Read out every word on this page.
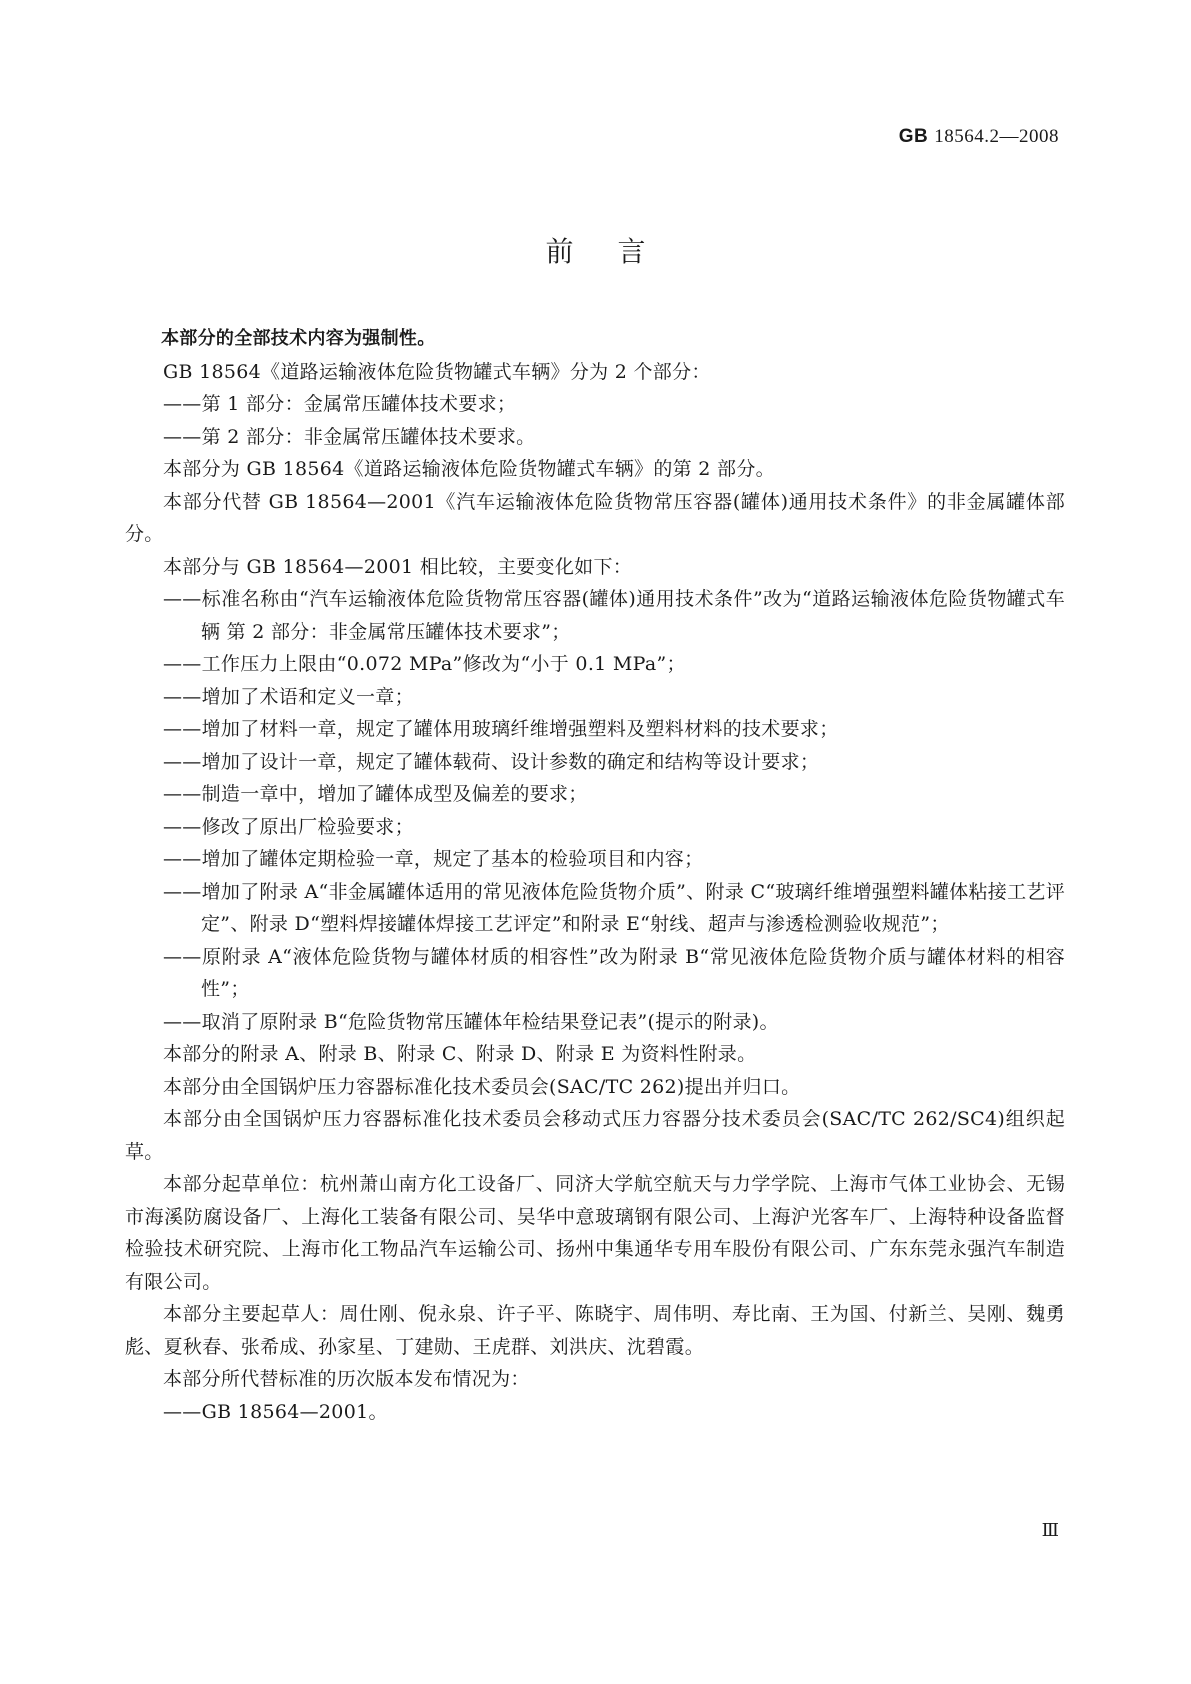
GB 18564.2—2008
前言

本部分的全部技术内容为强制性。

GB 18564《道路运输液体危险货物罐式车辆》分为 2 个部分：

——第 1 部分：金属常压罐体技术要求；

——第 2 部分：非金属常压罐体技术要求。

本部分为 GB 18564《道路运输液体危险货物罐式车辆》的第 2 部分。

本部分代替 GB 18564—2001《汽车运输液体危险货物常压容器(罐体)通用技术条件》的非金属罐体部分。

本部分与 GB 18564—2001 相比较，主要变化如下：

——标准名称由“汽车运输液体危险货物常压容器(罐体)通用技术条件”改为“道路运输液体危险货物罐式车辆 第 2 部分：非金属常压罐体技术要求”；

——工作压力上限由“0.072 MPa”修改为“小于 0.1 MPa”；

——增加了术语和定义一章；

——增加了材料一章，规定了罐体用玻璃纤维增强塑料及塑料材料的技术要求；

——增加了设计一章，规定了罐体载荷、设计参数的确定和结构等设计要求；

——制造一章中，增加了罐体成型及偏差的要求；

——修改了原出厂检验要求；

——增加了罐体定期检验一章，规定了基本的检验项目和内容；

——增加了附录 A“非金属罐体适用的常见液体危险货物介质”、附录 C“玻璃纤维增强塑料罐体粘接工艺评定”、附录 D“塑料焊接罐体焊接工艺评定”和附录 E“射线、超声与渗透检测验收规范”；

——原附录 A“液体危险货物与罐体材质的相容性”改为附录 B“常见液体危险货物介质与罐体材料的相容性”；

——取消了原附录 B“危险货物常压罐体年检结果登记表”(提示的附录)。

本部分的附录 A、附录 B、附录 C、附录 D、附录 E 为资料性附录。

本部分由全国锅炉压力容器标准化技术委员会(SAC/TC 262)提出并归口。

本部分由全国锅炉压力容器标准化技术委员会移动式压力容器分技术委员会(SAC/TC 262/SC4)组织起草。

本部分起草单位：杭州萧山南方化工设备厂、同济大学航空航天与力学学院、上海市气体工业协会、无锡市海溪防腐设备厂、上海化工装备有限公司、吴华中意玻璃钢有限公司、上海沪光客车厂、上海特种设备监督检验技术研究院、上海市化工物品汽车运输公司、扬州中集通华专用车股份有限公司、广东东莞永强汽车制造有限公司。

本部分主要起草人：周仕刚、倪永泉、许子平、陈晓宇、周伟明、寿比南、王为国、付新兰、吴刚、魏勇彪、夏秋春、张希成、孙家星、丁建勋、王虎群、刘洪庆、沈碧霞。

本部分所代替标准的历次版本发布情况为：

——GB 18564—2001。

Ⅲ
